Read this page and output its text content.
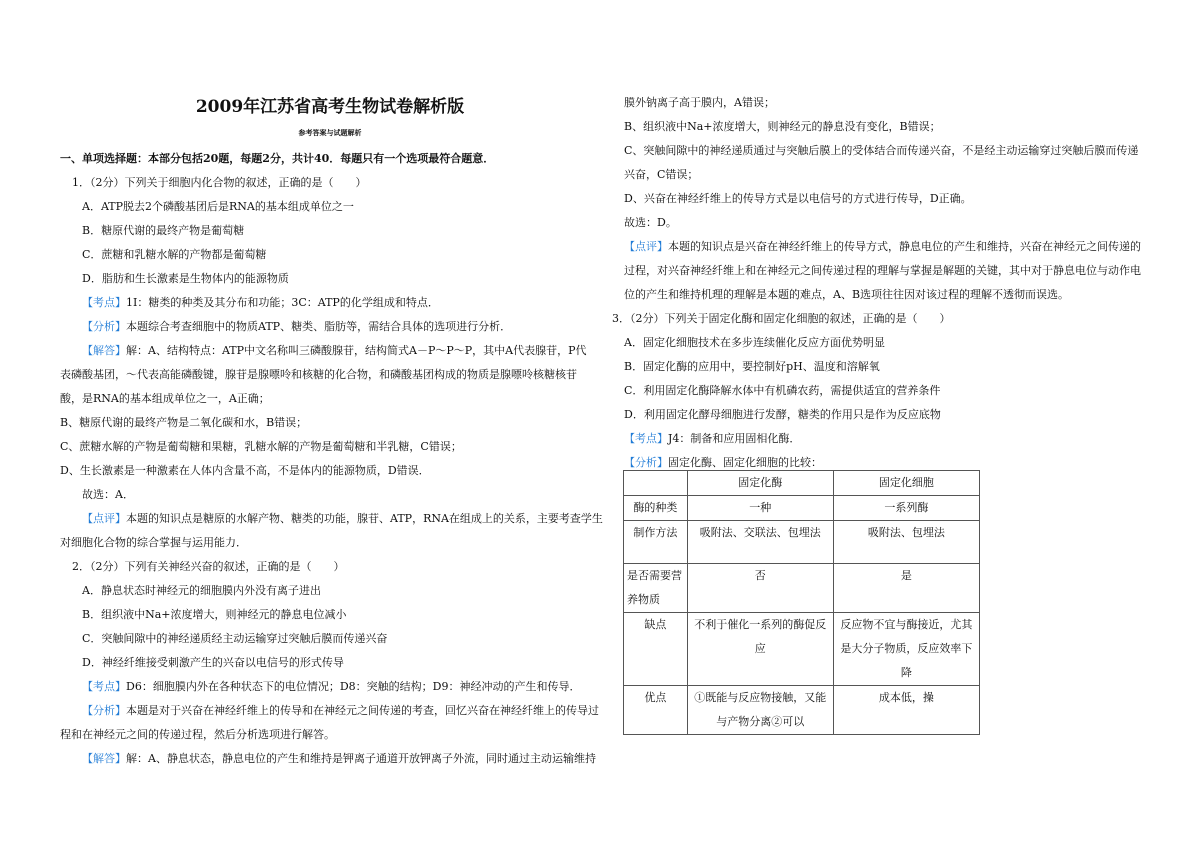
2009年江苏省高考生物试卷解析版
参考答案与试题解析
一、单项选择题：本部分包括20题，每题2分，共计40．每题只有一个选项最符合题意．
1．（2分）下列关于细胞内化合物的叙述，正确的是（　　）
A．ATP脱去2个磷酸基团后是RNA的基本组成单位之一
B．糖原代谢的最终产物是葡萄糖
C．蔗糖和乳糖水解的产物都是葡萄糖
D．脂肪和生长激素是生物体内的能源物质
【考点】1I：糖类的种类及其分布和功能；3C：ATP的化学组成和特点．
【分析】本题综合考查细胞中的物质ATP、糖类、脂肪等，需结合具体的选项进行分析．
【解答】解：A、结构特点：ATP中文名称叫三磷酸腺苷，结构简式A－P～P～P，其中A代表腺苷，P代
表磷酸基团，～代表高能磷酸键，腺苷是腺嘌呤和核糖的化合物，和磷酸基团构成的物质是腺嘌呤核糖核苷
酸，是RNA的基本组成单位之一，A正确；
B、糖原代谢的最终产物是二氧化碳和水，B错误；
C、蔗糖水解的产物是葡萄糖和果糖，乳糖水解的产物是葡萄糖和半乳糖，C错误；
D、生长激素是一种激素在人体内含量不高，不是体内的能源物质，D错误．
故选：A．
【点评】本题的知识点是糖原的水解产物、糖类的功能，腺苷、ATP，RNA在组成上的关系，主要考查学生
对细胞化合物的综合掌握与运用能力．
2．（2分）下列有关神经兴奋的叙述，正确的是（　　）
A．静息状态时神经元的细胞膜内外没有离子进出
B．组织液中Na+浓度增大，则神经元的静息电位减小
C．突触间隙中的神经递质经主动运输穿过突触后膜而传递兴奋
D．神经纤维接受刺激产生的兴奋以电信号的形式传导
【考点】D6：细胞膜内外在各种状态下的电位情况；D8：突触的结构；D9：神经冲动的产生和传导．
【分析】本题是对于兴奋在神经纤维上的传导和在神经元之间传递的考查，回忆兴奋在神经纤维上的传导过
程和在神经元之间的传递过程，然后分析选项进行解答。
【解答】解：A、静息状态，静息电位的产生和维持是钾离子通道开放钾离子外流，同时通过主动运输维持
膜外钠离子高于膜内，A错误；
B、组织液中Na+浓度增大，则神经元的静息没有变化，B错误；
C、突触间隙中的神经递质通过与突触后膜上的受体结合而传递兴奋，不是经主动运输穿过突触后膜而传递
兴奋，C错误；
D、兴奋在神经纤维上的传导方式是以电信号的方式进行传导，D正确。
故选：D。
【点评】本题的知识点是兴奋在神经纤维上的传导方式，静息电位的产生和维持，兴奋在神经元之间传递的
过程，对兴奋神经纤维上和在神经元之间传递过程的理解与掌握是解题的关键，其中对于静息电位与动作电
位的产生和维持机理的理解是本题的难点，A、B选项往往因对该过程的理解不透彻而误选。
3．（2分）下列关于固定化酶和固定化细胞的叙述，正确的是（　　）
A．固定化细胞技术在多步连续催化反应方面优势明显
B．固定化酶的应用中，要控制好pH、温度和溶解氧
C．利用固定化酶降解水体中有机磷农药，需提供适宜的营养条件
D．利用固定化酵母细胞进行发酵，糖类的作用只是作为反应底物
【考点】J4：制备和应用固相化酶．
【分析】固定化酶、固定化细胞的比较：
	固定化酶	固定化细胞
酶的种类	一种	一系列酶
制作方法	吸附法、交联法、包埋法	吸附法、包埋法
是否需要营养物质	否	是
缺点	不利于催化一系列的酶促反应	反应物不宜与酶接近，尤其是大分子物质，反应效率下降
优点	①既能与反应物接触，又能与产物分离②可以	成本低，操
